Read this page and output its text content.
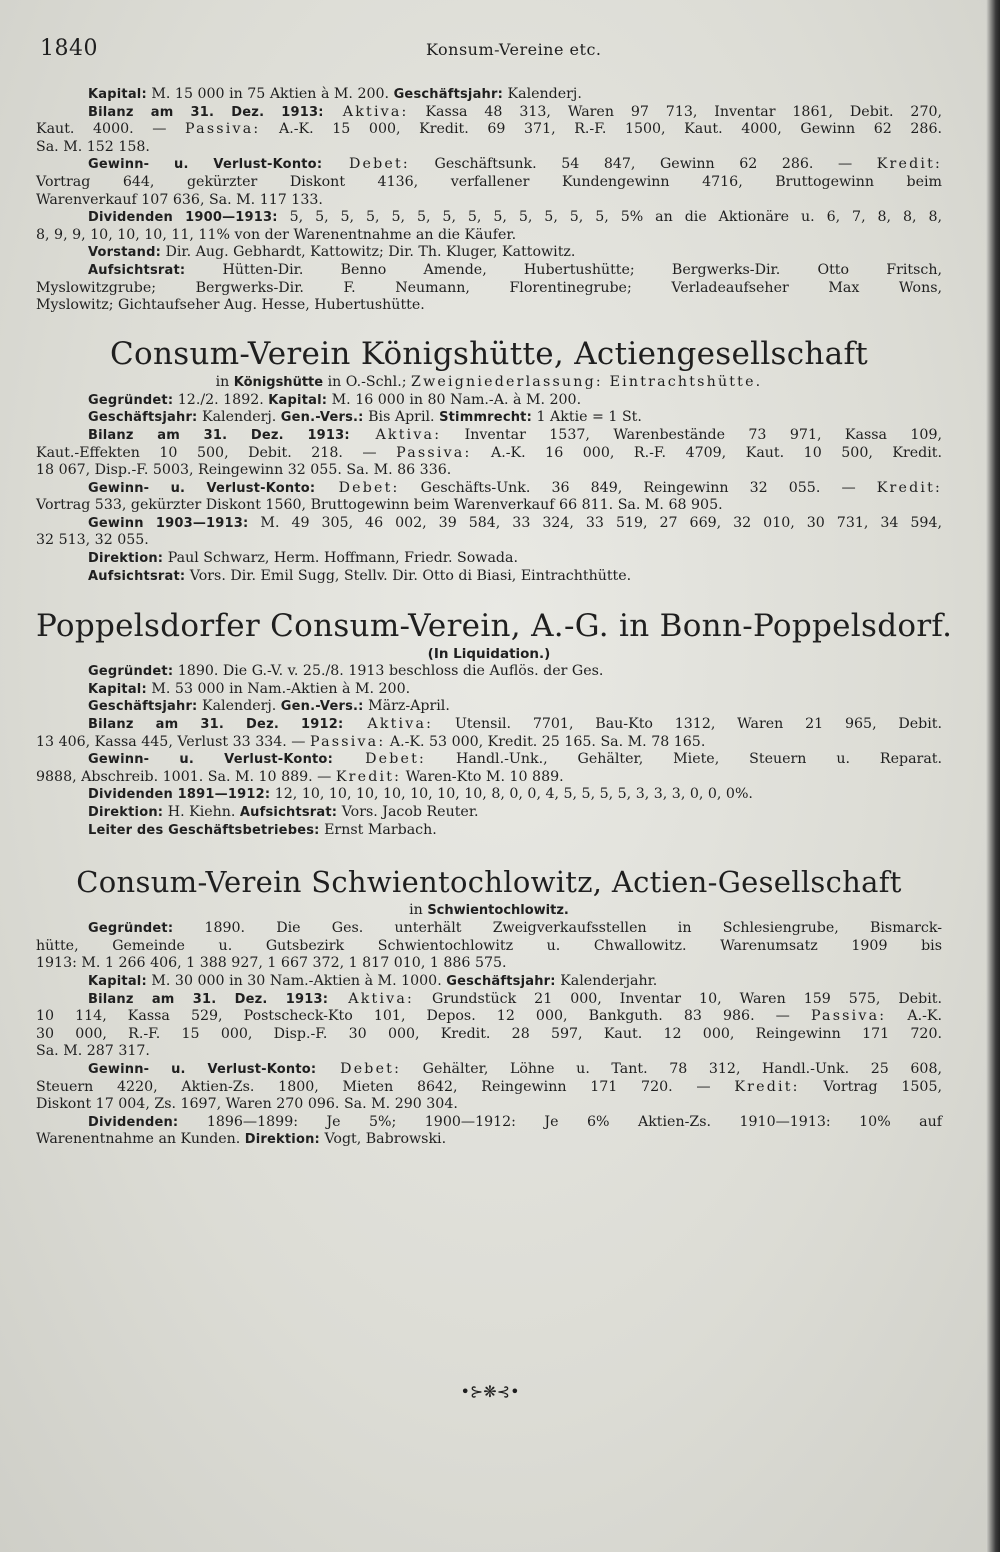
1840	Konsum-Vereine etc.
Kapital: M. 15 000 in 75 Aktien à M. 200. Geschäftsjahr: Kalenderj.
Bilanz am 31. Dez. 1913: Aktiva: Kassa 48 313, Waren 97 713, Inventar 1861, Debit. 270,
Kaut. 4000. — Passiva: A.-K. 15 000, Kredit. 69 371, R.-F. 1500, Kaut. 4000, Gewinn 62 286.
Sa. M. 152 158.
Gewinn- u. Verlust-Konto: Debet: Geschäftsunk. 54 847, Gewinn 62 286. — Kredit:
Vortrag 644, gekürzter Diskont 4136, verfallener Kundengewinn 4716, Bruttogewinn beim
Warenverkauf 107 636, Sa. M. 117 133.
Dividenden 1900—1913: 5, 5, 5, 5, 5, 5, 5, 5, 5, 5, 5, 5, 5, 5% an die Aktionäre u. 6, 7, 8, 8, 8,
8, 9, 9, 10, 10, 10, 11, 11% von der Warenentnahme an die Käufer.
Vorstand: Dir. Aug. Gebhardt, Kattowitz; Dir. Th. Kluger, Kattowitz.
Aufsichtsrat: Hütten-Dir. Benno Amende, Hubertushütte; Bergwerks-Dir. Otto Fritsch,
Myslowitzgrube; Bergwerks-Dir. F. Neumann, Florentinegrube; Verladeaufseher Max Wons,
Myslowitz; Gichtaufseher Aug. Hesse, Hubertushütte.
Consum-Verein Königshütte, Actiengesellschaft
in Königshütte in O.-Schl.; Zweigniederlassung: Eintrachtshütte.
Gegründet: 12./2. 1892. Kapital: M. 16 000 in 80 Nam.-A. à M. 200.
Geschäftsjahr: Kalenderj. Gen.-Vers.: Bis April. Stimmrecht: 1 Aktie = 1 St.
Bilanz am 31. Dez. 1913: Aktiva: Inventar 1537, Warenbestände 73 971, Kassa 109,
Kaut.-Effekten 10 500, Debit. 218. — Passiva: A.-K. 16 000, R.-F. 4709, Kaut. 10 500, Kredit.
18 067, Disp.-F. 5003, Reingewinn 32 055. Sa. M. 86 336.
Gewinn- u. Verlust-Konto: Debet: Geschäfts-Unk. 36 849, Reingewinn 32 055. — Kredit:
Vortrag 533, gekürzter Diskont 1560, Bruttogewinn beim Warenverkauf 66 811. Sa. M. 68 905.
Gewinn 1903—1913: M. 49 305, 46 002, 39 584, 33 324, 33 519, 27 669, 32 010, 30 731, 34 594,
32 513, 32 055.
Direktion: Paul Schwarz, Herm. Hoffmann, Friedr. Sowada.
Aufsichtsrat: Vors. Dir. Emil Sugg, Stellv. Dir. Otto di Biasi, Eintrachthütte.
Poppelsdorfer Consum-Verein, A.-G. in Bonn-Poppelsdorf.
(In Liquidation.)
Gegründet: 1890. Die G.-V. v. 25./8. 1913 beschloss die Auflös. der Ges.
Kapital: M. 53 000 in Nam.-Aktien à M. 200.
Geschäftsjahr: Kalenderj. Gen.-Vers.: März-April.
Bilanz am 31. Dez. 1912: Aktiva: Utensil. 7701, Bau-Kto 1312, Waren 21 965, Debit.
13 406, Kassa 445, Verlust 33 334. — Passiva: A.-K. 53 000, Kredit. 25 165. Sa. M. 78 165.
Gewinn- u. Verlust-Konto: Debet: Handl.-Unk., Gehälter, Miete, Steuern u. Reparat.
9888, Abschreib. 1001. Sa. M. 10 889. — Kredit: Waren-Kto M. 10 889.
Dividenden 1891—1912: 12, 10, 10, 10, 10, 10, 10, 10, 8, 0, 0, 4, 5, 5, 5, 5, 3, 3, 3, 0, 0, 0%.
Direktion: H. Kiehn. Aufsichtsrat: Vors. Jacob Reuter.
Leiter des Geschäftsbetriebes: Ernst Marbach.
Consum-Verein Schwientochlowitz, Actien-Gesellschaft
in Schwientochlowitz.
Gegründet: 1890. Die Ges. unterhält Zweigverkaufsstellen in Schlesiengrube, Bismarck-
hütte, Gemeinde u. Gutsbezirk Schwientochlowitz u. Chwallowitz. Warenumsatz 1909 bis
1913: M. 1 266 406, 1 388 927, 1 667 372, 1 817 010, 1 886 575.
Kapital: M. 30 000 in 30 Nam.-Aktien à M. 1000. Geschäftsjahr: Kalenderjahr.
Bilanz am 31. Dez. 1913: Aktiva: Grundstück 21 000, Inventar 10, Waren 159 575, Debit.
10 114, Kassa 529, Postscheck-Kto 101, Depos. 12 000, Bankguth. 83 986. — Passiva: A.-K.
30 000, R.-F. 15 000, Disp.-F. 30 000, Kredit. 28 597, Kaut. 12 000, Reingewinn 171 720.
Sa. M. 287 317.
Gewinn- u. Verlust-Konto: Debet: Gehälter, Löhne u. Tant. 78 312, Handl.-Unk. 25 608,
Steuern 4220, Aktien-Zs. 1800, Mieten 8642, Reingewinn 171 720. — Kredit: Vortrag 1505,
Diskont 17 004, Zs. 1697, Waren 270 096. Sa. M. 290 304.
Dividenden: 1896—1899: Je 5%; 1900—1912: Je 6% Aktien-Zs. 1910—1913: 10% auf
Warenentnahme an Kunden. Direktion: Vogt, Babrowski.
•⊱❋⊰•
